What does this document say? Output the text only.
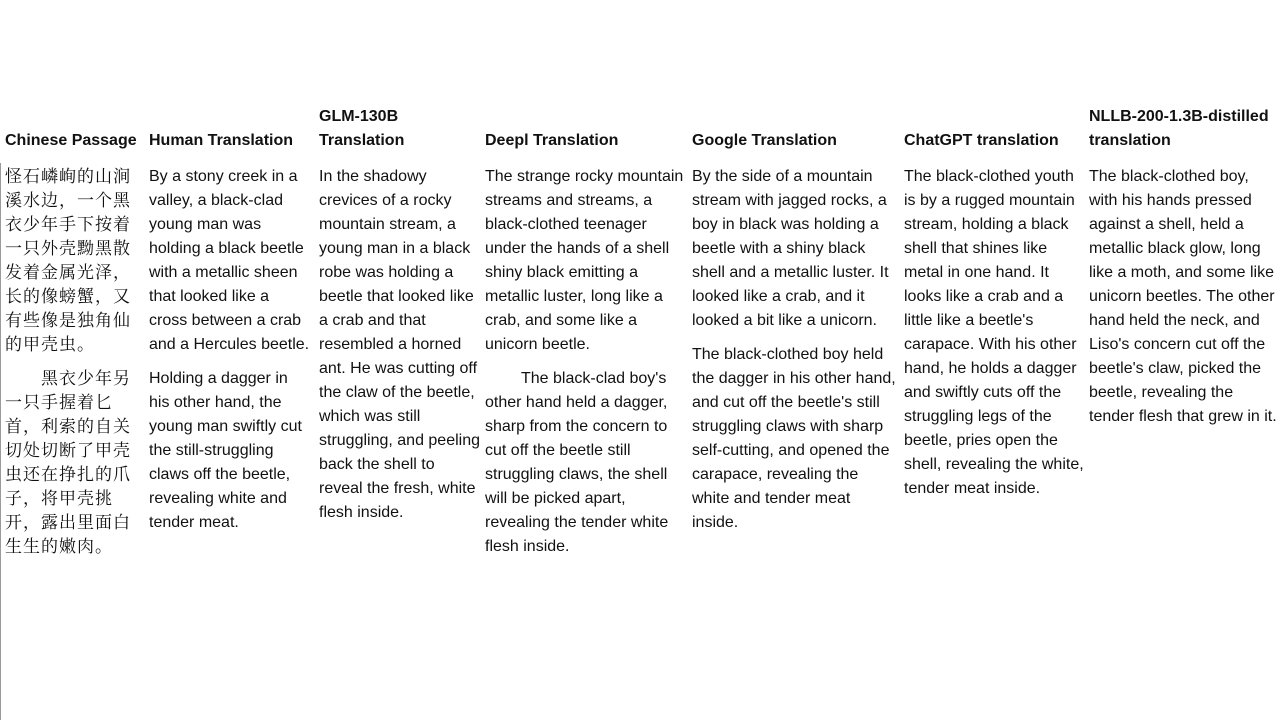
Chinese Passage

怪石嶙峋的山涧溪水边，一个黑衣少年手下按着一只外壳黝黑散发着金属光泽，长的像螃蟹，又有些像是独角仙的甲壳虫。

黑衣少年另一只手握着匕首，利索的自关切处切断了甲壳虫还在挣扎的爪子，将甲壳挑开，露出里面白生生的嫩肉。

Human Translation

By a stony creek in a valley, a black-clad young man was holding a black beetle with a metallic sheen that looked like a cross between a crab and a Hercules beetle.

Holding a dagger in his other hand, the young man swiftly cut the still-struggling claws off the beetle, revealing white and tender meat.

GLM-130B
Translation

In the shadowy crevices of a rocky mountain stream, a young man in a black robe was holding a beetle that looked like a crab and that resembled a horned ant. He was cutting off the claw of the beetle, which was still struggling, and peeling back the shell to reveal the fresh, white flesh inside.

Deepl Translation

The strange rocky mountain streams and streams, a black-clothed teenager under the hands of a shell shiny black emitting a metallic luster, long like a crab, and some like a unicorn beetle.

The black-clad boy's other hand held a dagger, sharp from the concern to cut off the beetle still struggling claws, the shell will be picked apart, revealing the tender white flesh inside.

Google Translation

By the side of a mountain stream with jagged rocks, a boy in black was holding a beetle with a shiny black shell and a metallic luster. It looked like a crab, and it looked a bit like a unicorn.

The black-clothed boy held the dagger in his other hand, and cut off the beetle's still struggling claws with sharp self-cutting, and opened the carapace, revealing the white and tender meat inside.

ChatGPT translation

The black-clothed youth is by a rugged mountain stream, holding a black shell that shines like metal in one hand. It looks like a crab and a little like a beetle's carapace. With his other hand, he holds a dagger and swiftly cuts off the struggling legs of the beetle, pries open the shell, revealing the white, tender meat inside.

NLLB-200-1.3B-distilled
translation

The black-clothed boy, with his hands pressed against a shell, held a metallic black glow, long like a moth, and some like unicorn beetles. The other hand held the neck, and Liso's concern cut off the beetle's claw, picked the beetle, revealing the tender flesh that grew in it.
